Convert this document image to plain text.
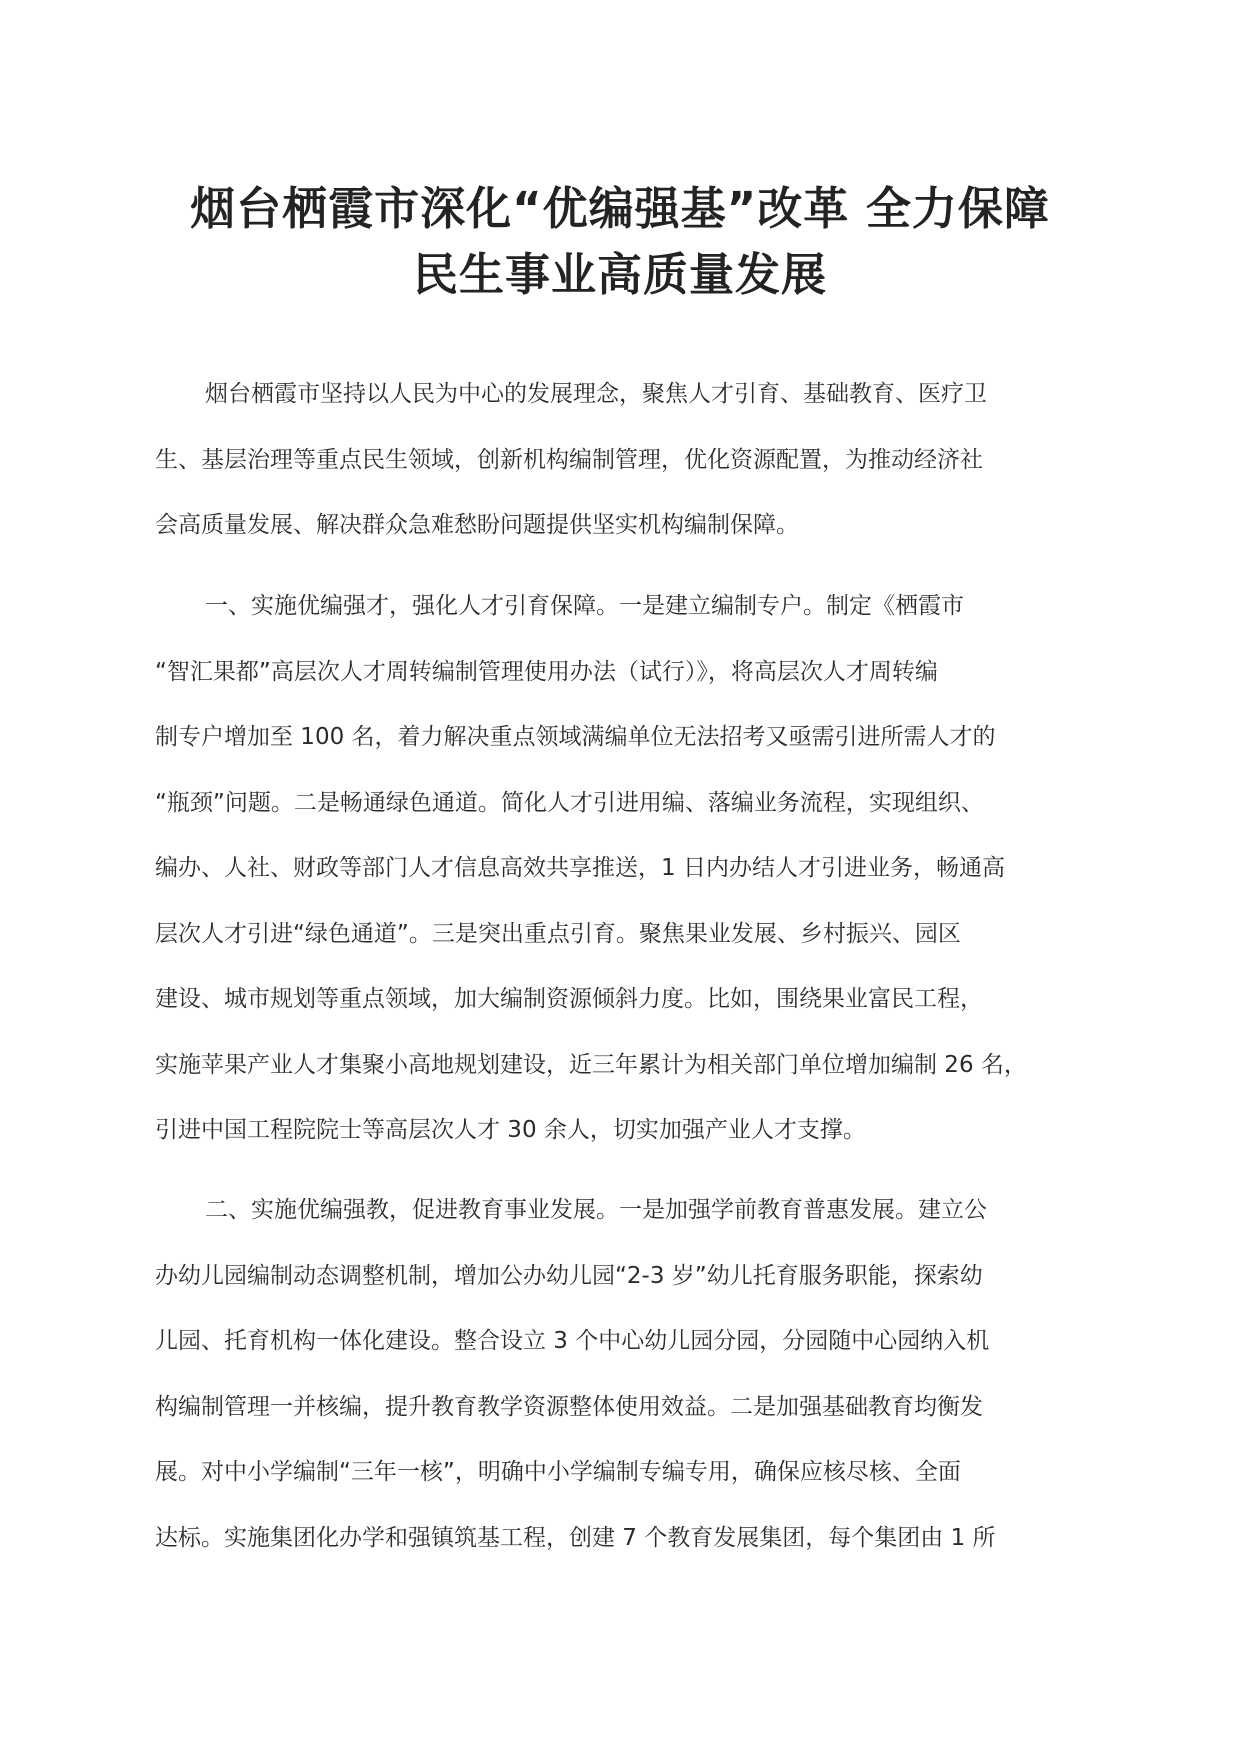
烟台栖霞市深化“优编强基”改革 全力保障
民生事业高质量发展
烟台栖霞市坚持以人民为中心的发展理念，聚焦人才引育、基础教育、医疗卫
生、基层治理等重点民生领域，创新机构编制管理，优化资源配置，为推动经济社
会高质量发展、解决群众急难愁盼问题提供坚实机构编制保障。
一、实施优编强才，强化人才引育保障。一是建立编制专户。制定《栖霞市
“智汇果都”高层次人才周转编制管理使用办法（试行）》，将高层次人才周转编
制专户增加至 100 名，着力解决重点领域满编单位无法招考又亟需引进所需人才的
“瓶颈”问题。二是畅通绿色通道。简化人才引进用编、落编业务流程，实现组织、
编办、人社、财政等部门人才信息高效共享推送，1 日内办结人才引进业务，畅通高
层次人才引进“绿色通道”。三是突出重点引育。聚焦果业发展、乡村振兴、园区
建设、城市规划等重点领域，加大编制资源倾斜力度。比如，围绕果业富民工程，
实施苹果产业人才集聚小高地规划建设，近三年累计为相关部门单位增加编制 26 名，
引进中国工程院院士等高层次人才 30 余人，切实加强产业人才支撑。
二、实施优编强教，促进教育事业发展。一是加强学前教育普惠发展。建立公
办幼儿园编制动态调整机制，增加公办幼儿园“2-3 岁”幼儿托育服务职能，探索幼
儿园、托育机构一体化建设。整合设立 3 个中心幼儿园分园，分园随中心园纳入机
构编制管理一并核编，提升教育教学资源整体使用效益。二是加强基础教育均衡发
展。对中小学编制“三年一核”，明确中小学编制专编专用，确保应核尽核、全面
达标。实施集团化办学和强镇筑基工程，创建 7 个教育发展集团，每个集团由 1 所
